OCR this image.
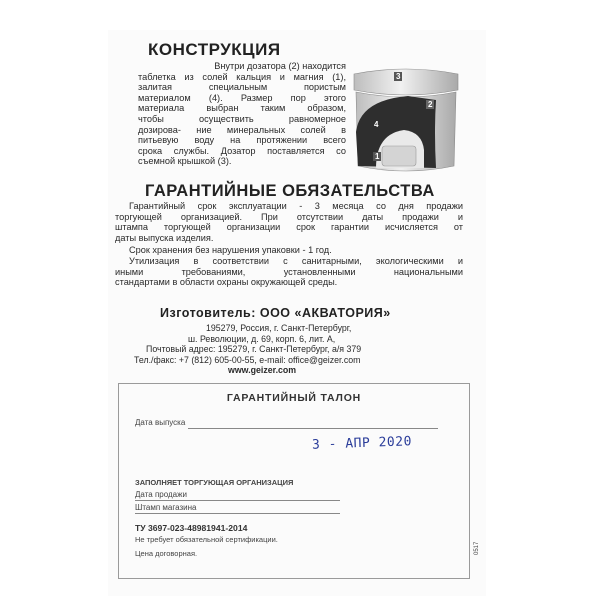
КОНСТРУКЦИЯ
Внутри дозатора (2) находится
таблетка из солей кальция и магния (1),
залитая специальным пористым
материалом (4). Размер пор этого
материала выбран таким образом,
чтобы осуществить равномерное
дозирова- ние минеральных солей в
питьевую воду на протяжении всего
срока службы. Дозатор поставляется со
съемной крышкой (3).
3
2
4
1
ГАРАНТИЙНЫЕ ОБЯЗАТЕЛЬСТВА
Гарантийный срок эксплуатации - 3 месяца со дня продажи
торгующей организацией. При отсутствии даты продажи и
штампа торгующей организации срок гарантии исчисляется от
даты выпуска изделия.
Срок хранения без нарушения упаковки - 1 год.
Утилизация в соответствии с санитарными, экологическими и
иными требованиями, установленными национальными
стандартами в области охраны окружающей среды.
Изготовитель: ООО «АКВАТОРИЯ»
195279, Россия, г. Санкт-Петербург,
ш. Революции, д. 69, корп. 6, лит. А,
Почтовый адрес: 195279, г. Санкт-Петербург, а/я 379
Тел./факс: +7 (812) 605-00-55, e-mail: office@geizer.com
www.geizer.com
ГАРАНТИЙНЫЙ ТАЛОН
Дата выпуска
3 - АПР 2020
ЗАПОЛНЯЕТ ТОРГУЮЩАЯ ОРГАНИЗАЦИЯ
Дата продажи
Штамп магазина
ТУ 3697-023-48981941-2014
Не требует обязательной сертификации.
Цена договорная.	0517
